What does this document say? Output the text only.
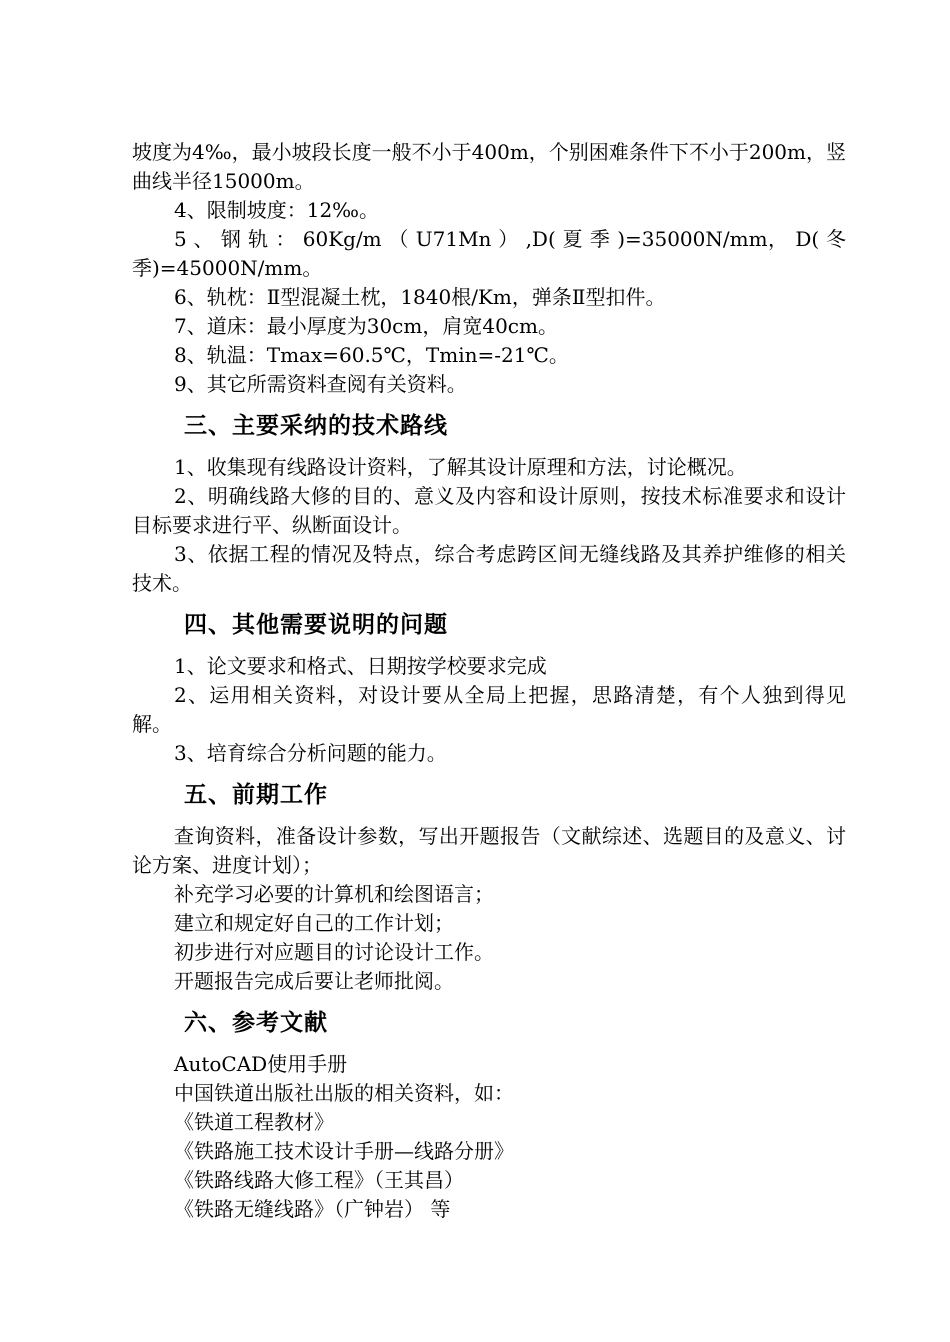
坡度为4‰，最小坡段长度一般不小于400m，个别困难条件下不小于200m，竖曲线半径15000m。

4、限制坡度：12‰。

5 、 钢 轨 ： 60Kg/m （ U71Mn ） ,D( 夏 季 )=35000N/mm， D( 冬季)=45000N/mm。

6、轨枕：Ⅱ型混凝土枕，1840根/Km，弹条Ⅱ型扣件。

7、道床：最小厚度为30cm，肩宽40cm。

8、轨温：Tmax=60.5℃，Tmin=-21℃。

9、其它所需资料查阅有关资料。

三、主要采纳的技术路线

1、收集现有线路设计资料，了解其设计原理和方法，讨论概况。

2、明确线路大修的目的、意义及内容和设计原则，按技术标准要求和设计目标要求进行平、纵断面设计。

3、依据工程的情况及特点，综合考虑跨区间无缝线路及其养护维修的相关技术。

四、其他需要说明的问题

1、论文要求和格式、日期按学校要求完成

2、运用相关资料，对设计要从全局上把握，思路清楚，有个人独到得见解。

3、培育综合分析问题的能力。

五、前期工作

查询资料，准备设计参数，写出开题报告（文献综述、选题目的及意义、讨论方案、进度计划）；

补充学习必要的计算机和绘图语言；

建立和规定好自己的工作计划；

初步进行对应题目的讨论设计工作。

开题报告完成后要让老师批阅。

六、参考文献

AutoCAD使用手册

中国铁道出版社出版的相关资料，如：

《铁道工程教材》

《铁路施工技术设计手册—线路分册》

《铁路线路大修工程》（王其昌）

《铁路无缝线路》（广钟岩） 等
